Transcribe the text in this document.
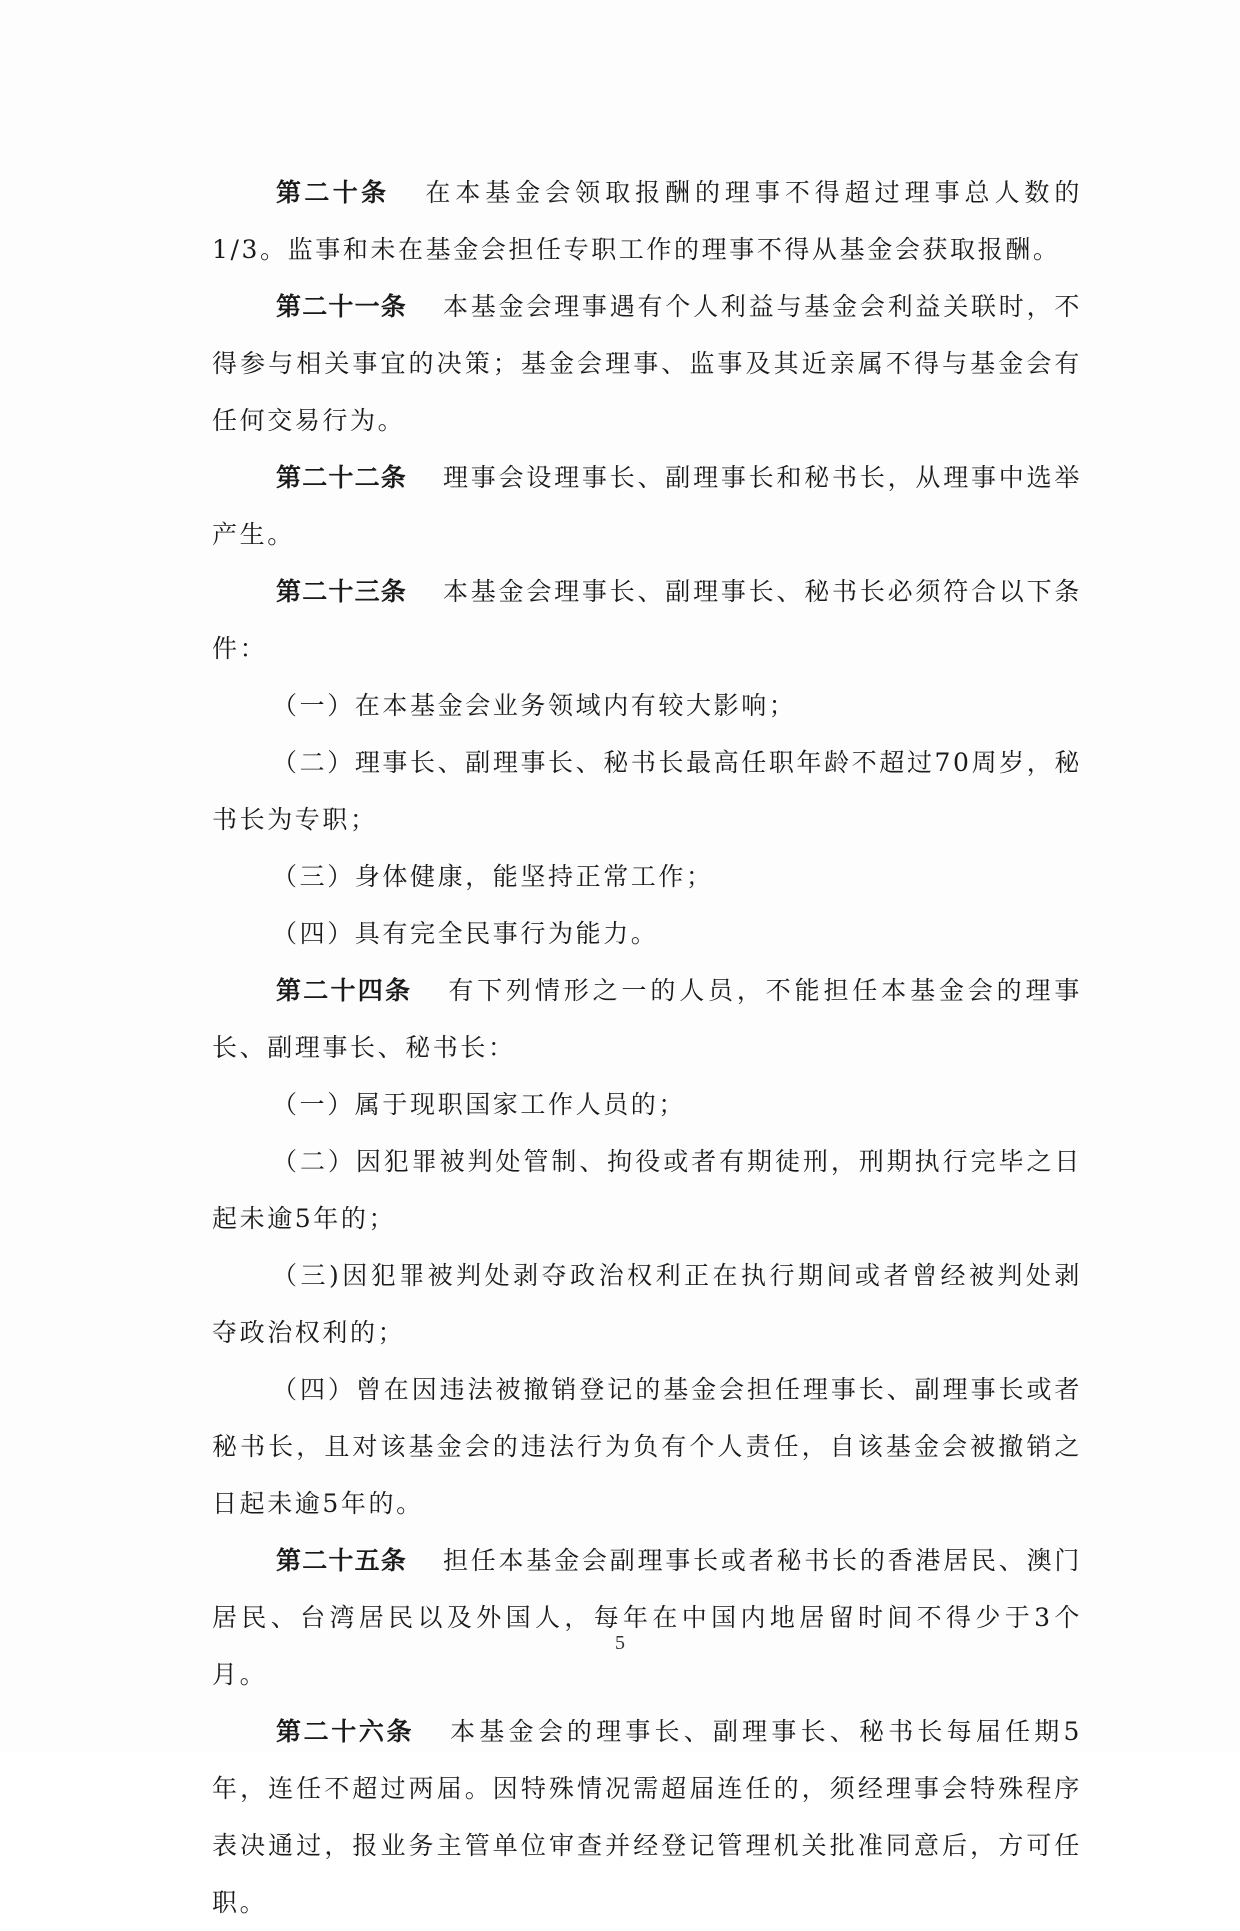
第二十条 在本基金会领取报酬的理事不得超过理事总人数的1/3。监事和未在基金会担任专职工作的理事不得从基金会获取报酬。

第二十一条 本基金会理事遇有个人利益与基金会利益关联时，不得参与相关事宜的决策；基金会理事、监事及其近亲属不得与基金会有任何交易行为。

第二十二条 理事会设理事长、副理事长和秘书长，从理事中选举产生。

第二十三条 本基金会理事长、副理事长、秘书长必须符合以下条件：

（一）在本基金会业务领域内有较大影响；

（二）理事长、副理事长、秘书长最高任职年龄不超过70周岁，秘书长为专职；

（三）身体健康，能坚持正常工作；

（四）具有完全民事行为能力。

第二十四条 有下列情形之一的人员，不能担任本基金会的理事长、副理事长、秘书长：

（一）属于现职国家工作人员的；

（二）因犯罪被判处管制、拘役或者有期徒刑，刑期执行完毕之日起未逾5年的；

（三)因犯罪被判处剥夺政治权利正在执行期间或者曾经被判处剥夺政治权利的；

（四）曾在因违法被撤销登记的基金会担任理事长、副理事长或者秘书长，且对该基金会的违法行为负有个人责任，自该基金会被撤销之日起未逾5年的。

第二十五条 担任本基金会副理事长或者秘书长的香港居民、澳门居民、台湾居民以及外国人，每年在中国内地居留时间不得少于3个月。

第二十六条 本基金会的理事长、副理事长、秘书长每届任期5年，连任不超过两届。因特殊情况需超届连任的，须经理事会特殊程序表决通过，报业务主管单位审查并经登记管理机关批准同意后，方可任职。

5
